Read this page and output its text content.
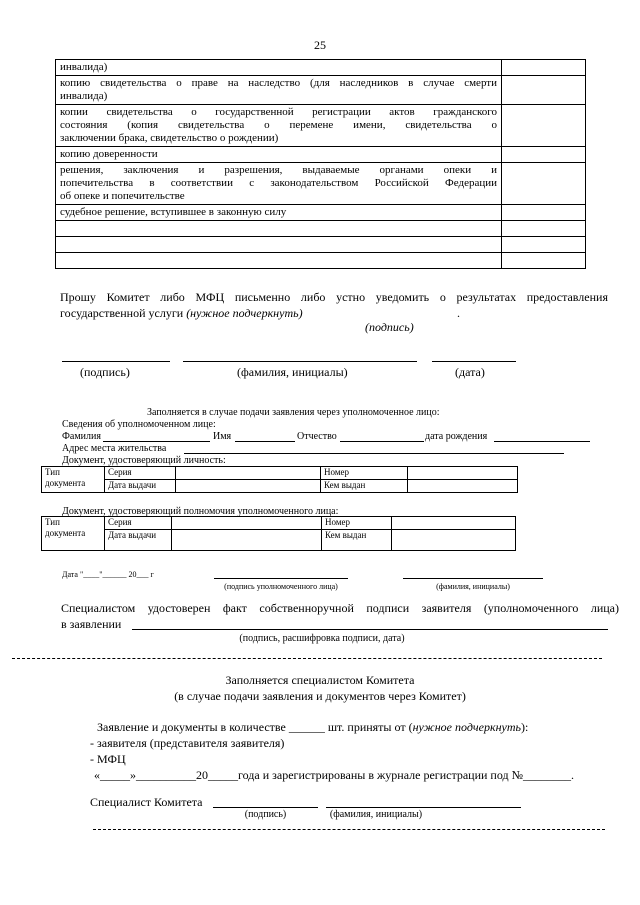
25
инвалида)	

копию свидетельства о праве на наследство (для наследников в случае смерти
инвалида)	

копии свидетельства о государственной регистрации актов гражданского
состояния (копия свидетельства о перемене имени, свидетельства о
заключении брака, свидетельство о рождении)	

копию доверенности	

решения, заключения и разрешения, выдаваемые органами опеки и
попечительства в соответствии с законодательством Российской Федерации
об опеке и попечительстве	

судебное решение, вступившее в законную силу	

Прошу Комитет либо МФЦ письменно либо устно уведомить о результатах предоставления
государственной услуги (нужное подчеркнуть)	.
(подпись)
(подпись)	(фамилия, инициалы)	(дата)
Заполняется в случае подачи заявления через уполномоченное лицо:
Сведения об уполномоченном лице:
Фамилия	Имя	Отчество	дата рождения
Адрес места жительства
Документ, удостоверяющий личность:
Тип
документа	Серия		Номер	
	Дата выдачи		Кем выдан	
Документ, удостоверяющий полномочия уполномоченного лица:
Тип
документа	Серия		Номер	
	Дата выдачи		Кем выдан	
Дата "____"______ 20___ г
(подпись уполномоченного лица)	(фамилия, инициалы)
Специалистом удостоверен факт собственноручной подписи заявителя (уполномоченного лица)
в заявлении
(подпись, расшифровка подписи, дата)
Заполняется специалистом Комитета
(в случае подачи заявления и документов через Комитет)
Заявление и документы в количестве ______ шт. приняты от (нужное подчеркнуть):
- заявителя (представителя заявителя)
- МФЦ
«_____»__________20_____года и зарегистрированы в журнале регистрации под №________.
Специалист Комитета
(подпись)	(фамилия, инициалы)
